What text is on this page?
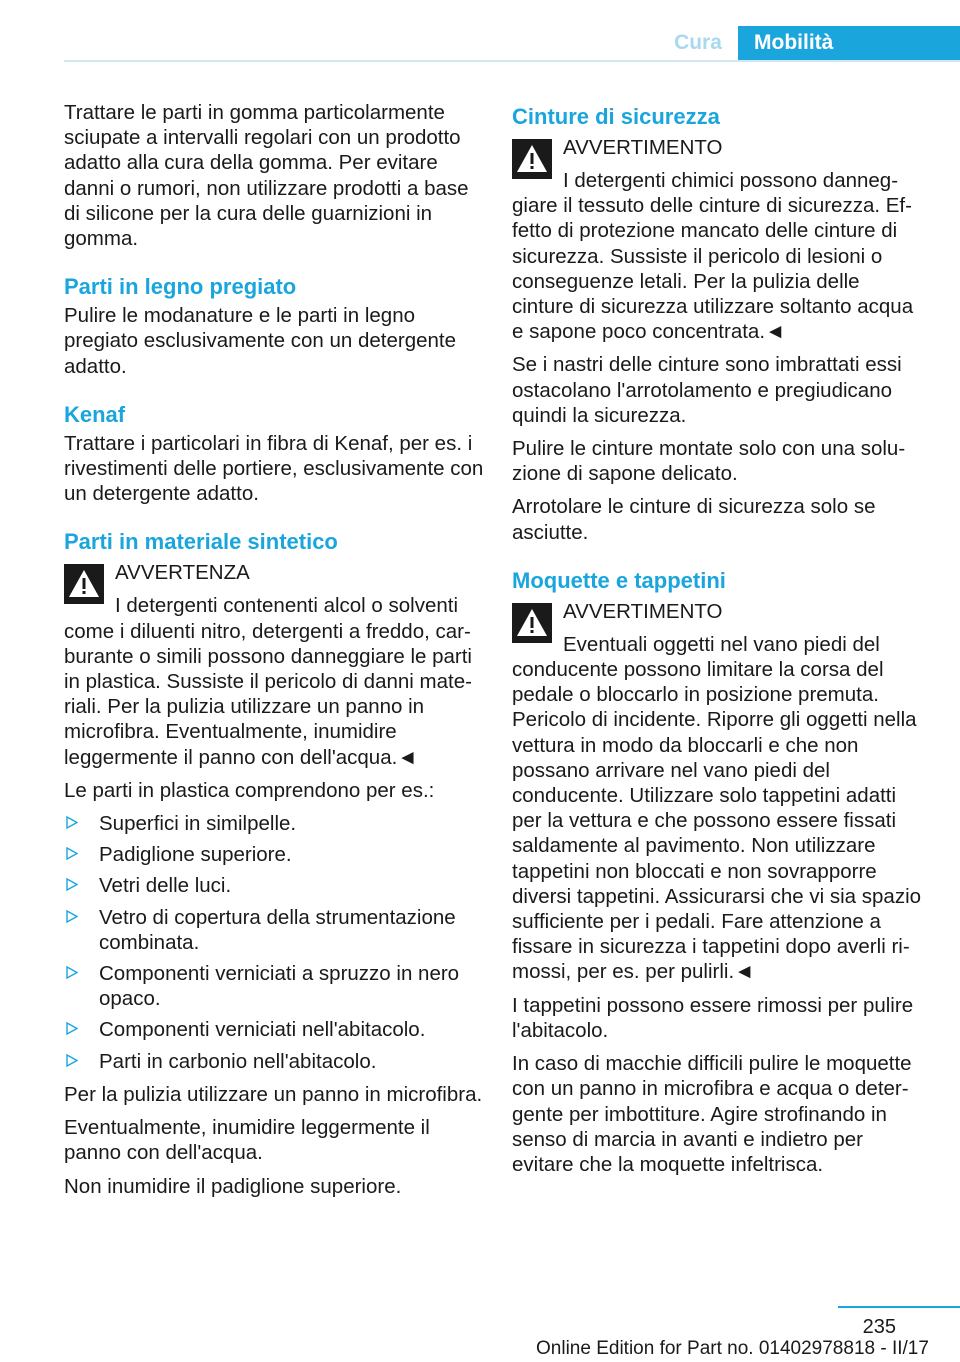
Cura	Mobilità

Trattare le parti in gomma particolarmente sciupate a intervalli regolari con un prodotto adatto alla cura della gomma. Per evitare danni o rumori, non utilizzare prodotti a base di silicone per la cura delle guarnizioni in gomma.

Parti in legno pregiato

Pulire le modanature e le parti in legno pregiato esclusivamente con un detergente adatto.

Kenaf

Trattare i particolari in fibra di Kenaf, per es. i rivestimenti delle portiere, esclusivamente con un detergente adatto.

Parti in materiale sintetico
AVVERTENZA

I detergenti contenenti alcol o solventi come i diluenti nitro, detergenti a freddo, carburante o simili possono danneggiare le parti in plastica. Sussiste il pericolo di danni materiali. Per la pulizia utilizzare un panno in microfibra. Eventualmente, inumidire leggermente il panno con dell'acqua.◄

Le parti in plastica comprendono per es.:

Superfici in similpelle.
Padiglione superiore.
Vetri delle luci.
Vetro di copertura della strumentazione combinata.
Componenti verniciati a spruzzo in nero opaco.
Componenti verniciati nell'abitacolo.
Parti in carbonio nell'abitacolo.

Per la pulizia utilizzare un panno in microfibra.

Eventualmente, inumidire leggermente il panno con dell'acqua.

Non inumidire il padiglione superiore.

Cinture di sicurezza
AVVERTIMENTO

I detergenti chimici possono danneggiare il tessuto delle cinture di sicurezza. Effetto di protezione mancato delle cinture di sicurezza. Sussiste il pericolo di lesioni o conseguenze letali. Per la pulizia delle cinture di sicurezza utilizzare soltanto acqua e sapone poco concentrata.◄

Se i nastri delle cinture sono imbrattati essi ostacolano l'arrotolamento e pregiudicano quindi la sicurezza.

Pulire le cinture montate solo con una soluzione di sapone delicato.

Arrotolare le cinture di sicurezza solo se asciutte.

Moquette e tappetini
AVVERTIMENTO

Eventuali oggetti nel vano piedi del conducente possono limitare la corsa del pedale o bloccarlo in posizione premuta. Pericolo di incidente. Riporre gli oggetti nella vettura in modo da bloccarli e che non possano arrivare nel vano piedi del conducente. Utilizzare solo tappetini adatti per la vettura e che possono essere fissati saldamente al pavimento. Non utilizzare tappetini non bloccati e non sovrapporre diversi tappetini. Assicurarsi che vi sia spazio sufficiente per i pedali. Fare attenzione a fissare in sicurezza i tappetini dopo averli rimossi, per es. per pulirli.◄

I tappetini possono essere rimossi per pulire l'abitacolo.

In caso di macchie difficili pulire le moquette con un panno in microfibra e acqua o detergente per imbottiture. Agire strofinando in senso di marcia in avanti e indietro per evitare che la moquette infeltrisca.

235
Online Edition for Part no. 01402978818 - II/17
